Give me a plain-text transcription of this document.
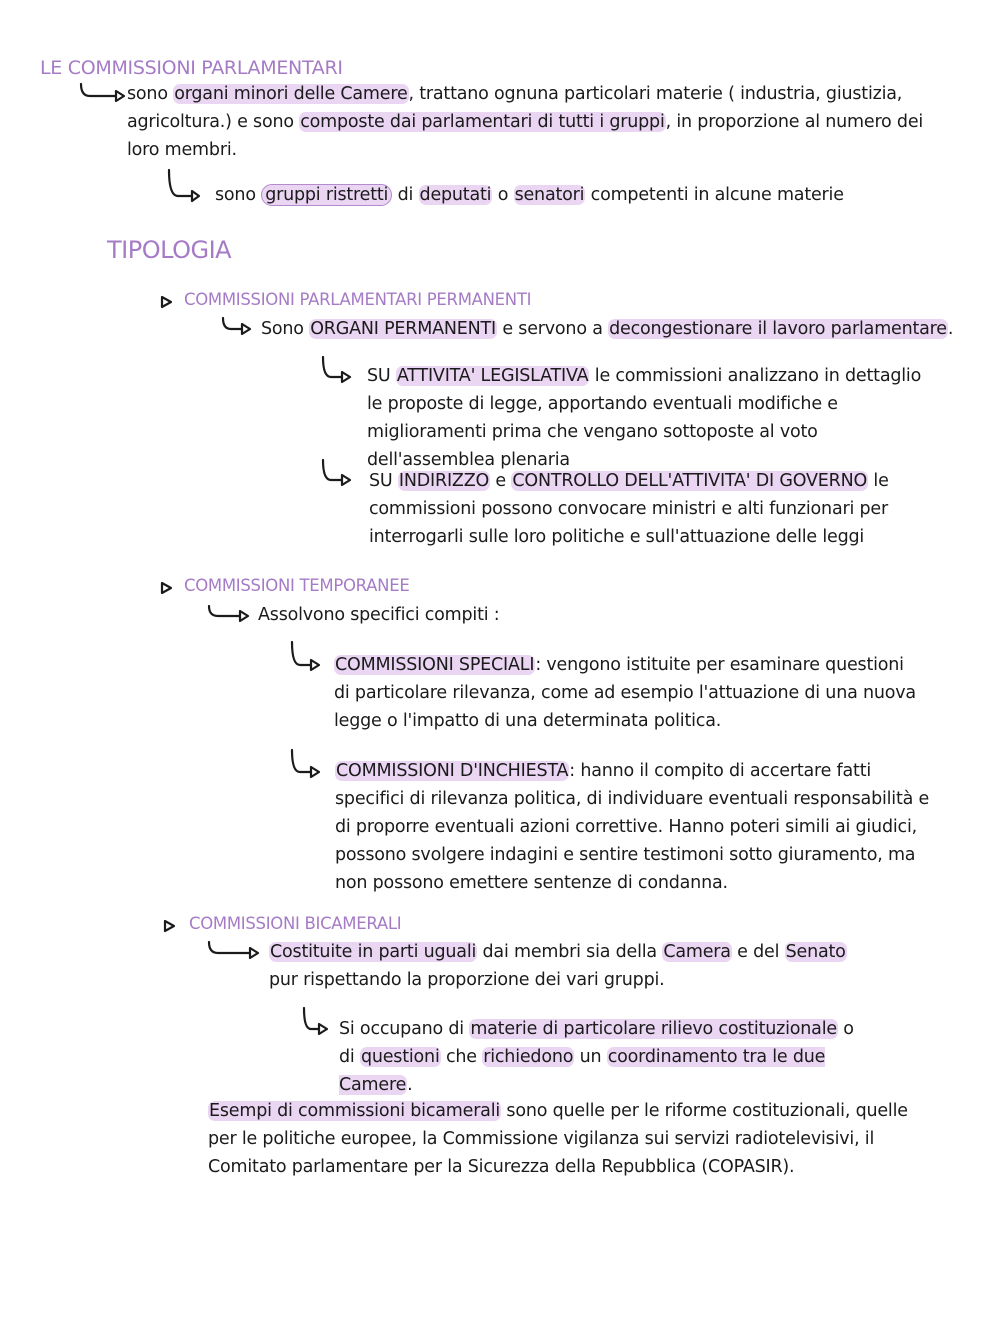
LE COMMISSIONI PARLAMENTARI
sono organi minori delle Camere, trattano ognuna particolari materie ( industria, giustizia, agricoltura.) e sono composte dai parlamentari di tutti i gruppi, in proporzione al numero dei loro membri.
sono gruppi ristretti di deputati o senatori competenti in alcune materie
TIPOLOGIA
COMMISSIONI PARLAMENTARI PERMANENTI
Sono ORGANI PERMANENTI e servono a decongestionare il lavoro parlamentare.
SU ATTIVITA' LEGISLATIVA le commissioni analizzano in dettaglio le proposte di legge, apportando eventuali modifiche e miglioramenti prima che vengano sottoposte al voto dell'assemblea plenaria
SU INDIRIZZO e CONTROLLO DELL'ATTIVITA' DI GOVERNO le commissioni possono convocare ministri e alti funzionari per interrogarli sulle loro politiche e sull'attuazione delle leggi
COMMISSIONI TEMPORANEE
Assolvono specifici compiti :
COMMISSIONI SPECIALI: vengono istituite per esaminare questioni di particolare rilevanza, come ad esempio l'attuazione di una nuova legge o l'impatto di una determinata politica.
COMMISSIONI D'INCHIESTA: hanno il compito di accertare fatti specifici di rilevanza politica, di individuare eventuali responsabilità e di proporre eventuali azioni correttive. Hanno poteri simili ai giudici, possono svolgere indagini e sentire testimoni sotto giuramento, ma non possono emettere sentenze di condanna.
COMMISSIONI BICAMERALI
Costituite in parti uguali dai membri sia della Camera e del Senato pur rispettando la proporzione dei vari gruppi.
Si occupano di materie di particolare rilievo costituzionale o di questioni che richiedono un coordinamento tra le due Camere.
Esempi di commissioni bicamerali sono quelle per le riforme costituzionali, quelle per le politiche europee, la Commissione vigilanza sui servizi radiotelevisivi, il Comitato parlamentare per la Sicurezza della Repubblica (COPASIR).
